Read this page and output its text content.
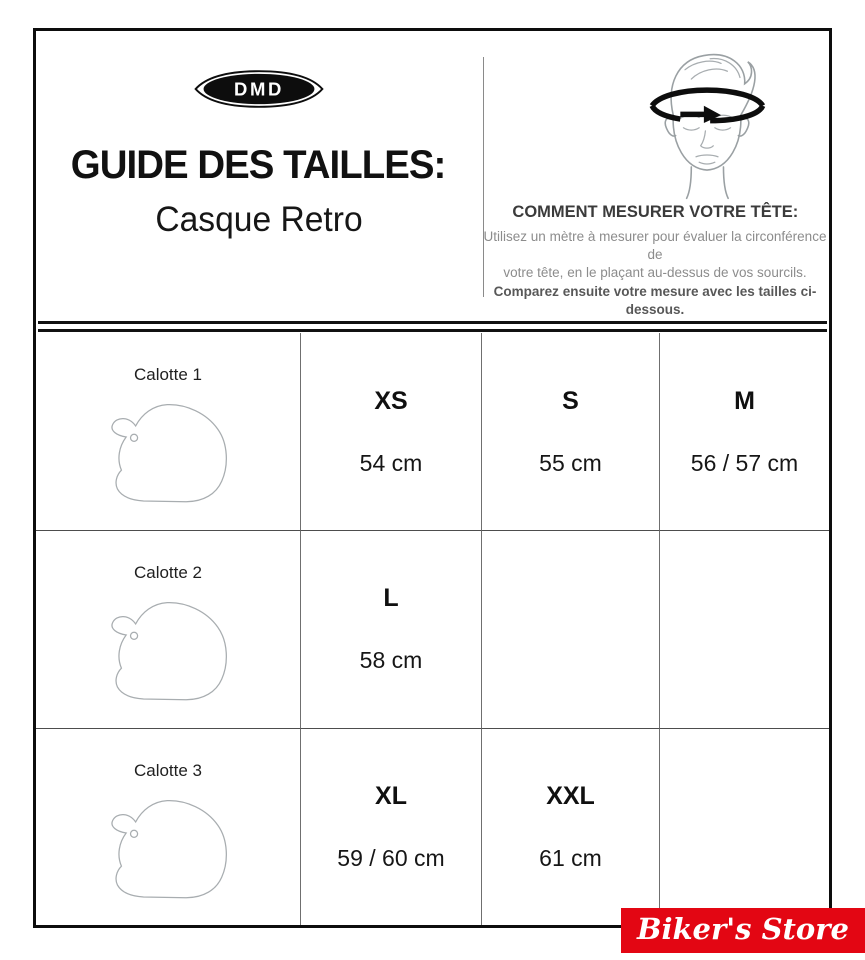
DMD
GUIDE DES TAILLES:
Casque Retro	COMMENT MESURER VOTRE TÊTE:
Utilisez un mètre à mesurer pour évaluer la circonférence de
votre tête, en le plaçant au-dessus de vos sourcils.
Comparez ensuite votre mesure avec les tailles ci-dessous.
Calotte 1
XS
54 cm
S
55 cm
M
56 / 57 cm
Calotte 2
L
58 cm
Calotte 3
XL
59 / 60 cm
XXL
61 cm
Biker's Store
